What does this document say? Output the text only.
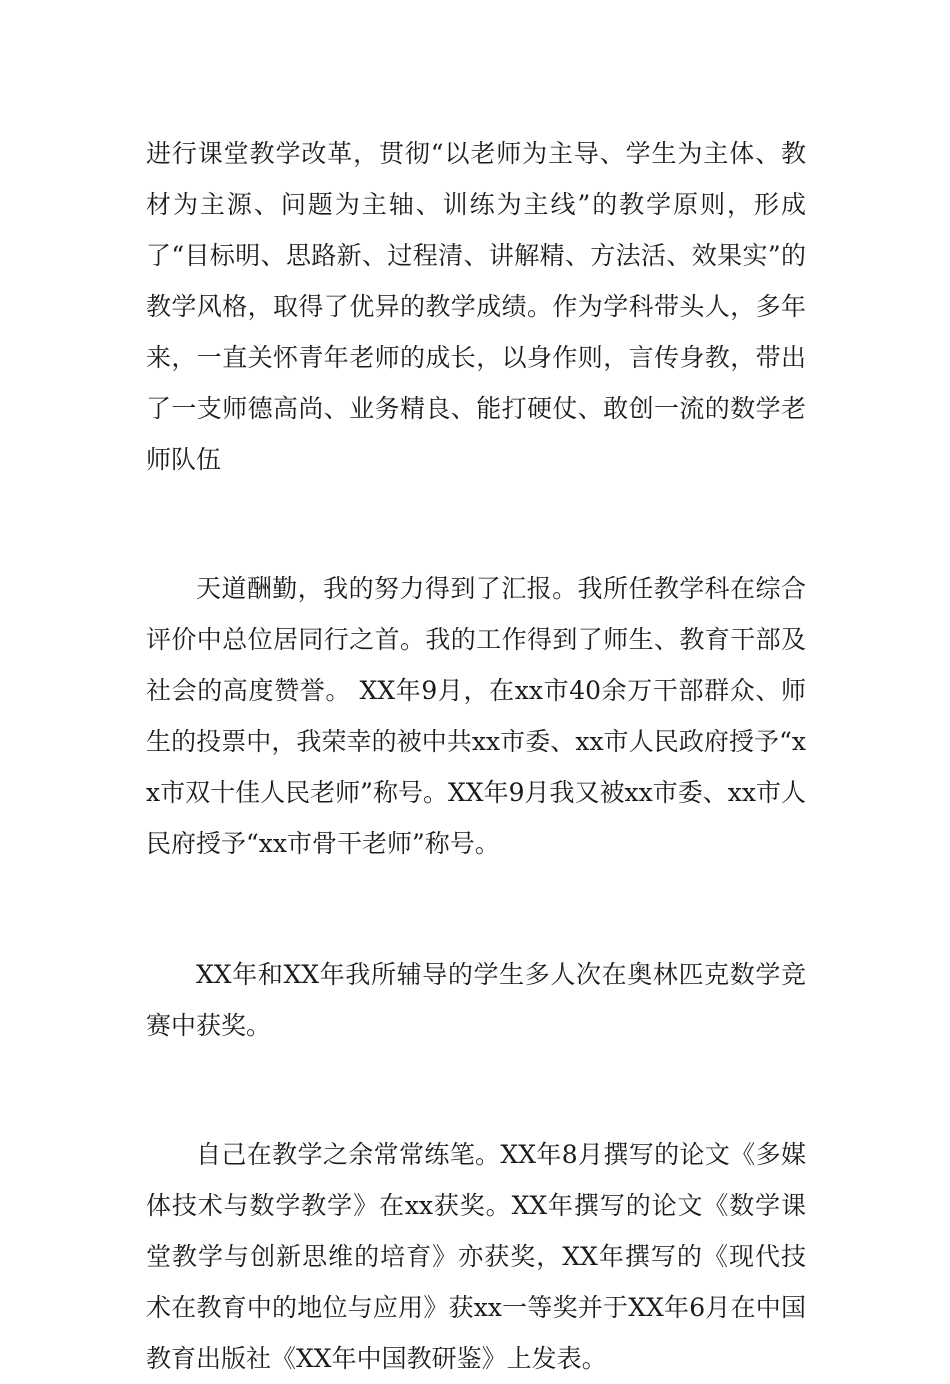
进行课堂教学改革，贯彻“以老师为主导、学生为主体、教材为主源、问题为主轴、训练为主线”的教学原则，形成了“目标明、思路新、过程清、讲解精、方法活、效果实”的教学风格，取得了优异的教学成绩。作为学科带头人，多年来，一直关怀青年老师的成长，以身作则，言传身教，带出了一支师德高尚、业务精良、能打硬仗、敢创一流的数学老师队伍

天道酬勤，我的努力得到了汇报。我所任教学科在综合评价中总位居同行之首。我的工作得到了师生、教育干部及社会的高度赞誉。 XX年9月，在xx市40余万干部群众、师生的投票中，我荣幸的被中共xx市委、xx市人民政府授予“xx市双十佳人民老师”称号。XX年9月我又被xx市委、xx市人民府授予“xx市骨干老师”称号。

XX年和XX年我所辅导的学生多人次在奥林匹克数学竞赛中获奖。

自己在教学之余常常练笔。XX年8月撰写的论文《多媒体技术与数学教学》在xx获奖。XX年撰写的论文《数学课堂教学与创新思维的培育》亦获奖，XX年撰写的《现代技术在教育中的地位与应用》获xx一等奖并于XX年6月在中国教育出版社《XX年中国教研鉴》上发表。
